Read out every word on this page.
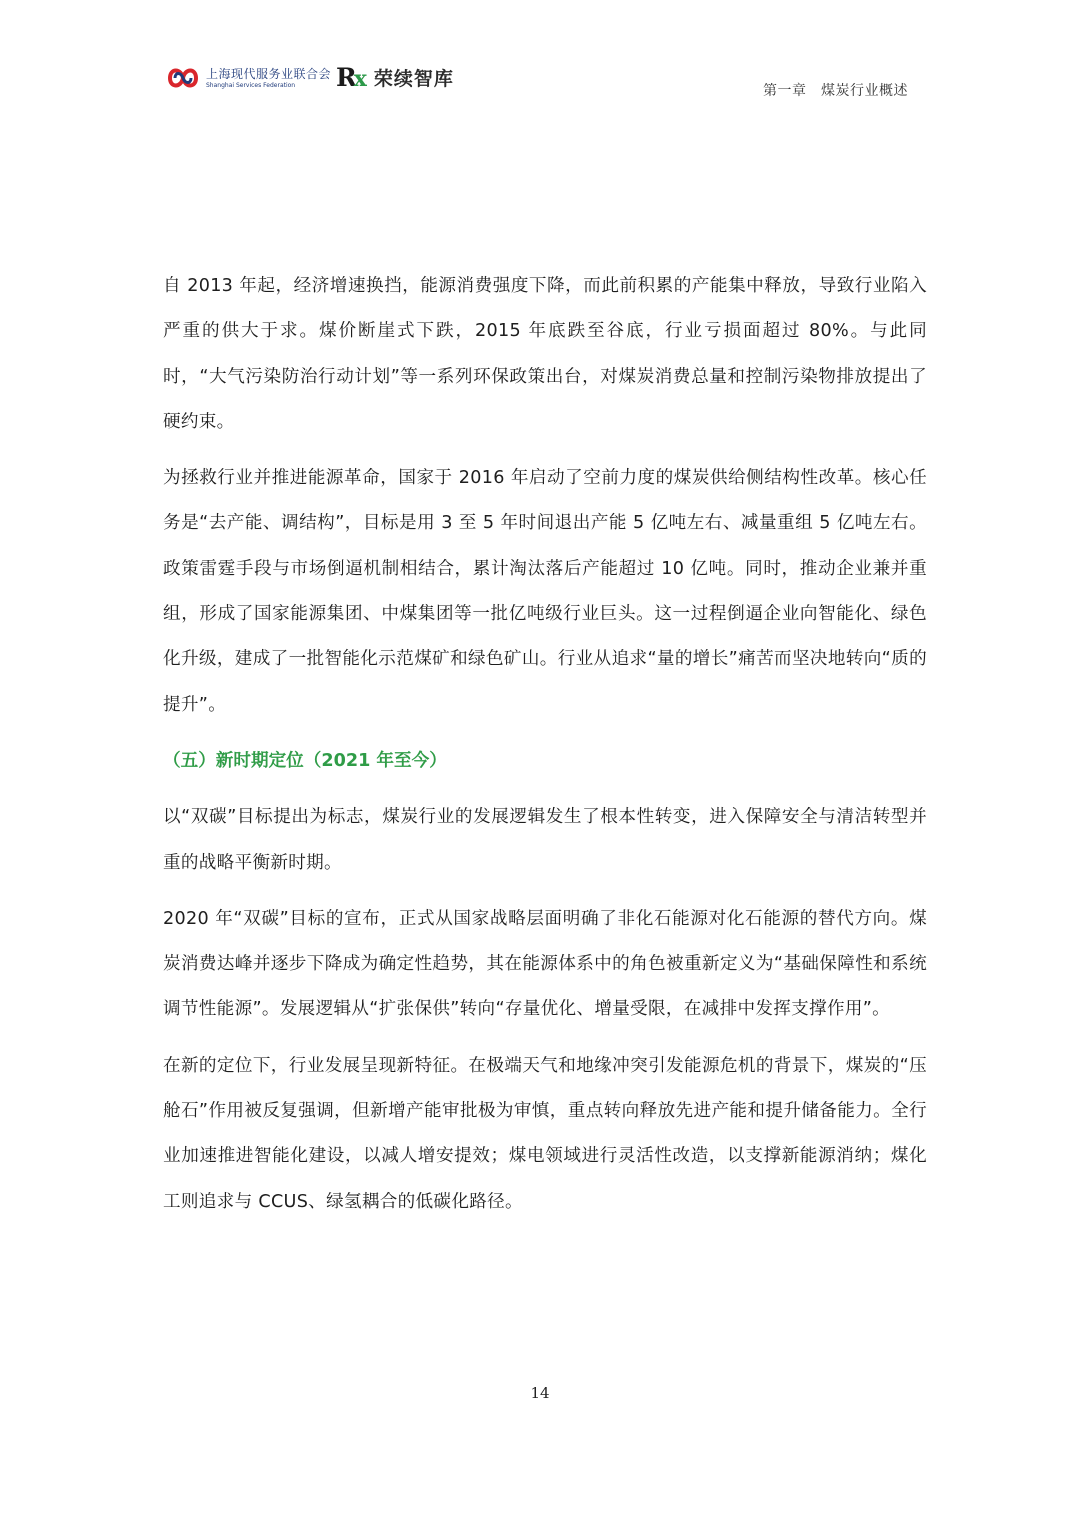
上海现代服务业联合会
Shanghai Services Federation	Rx 荣续智库
第一章　煤炭行业概述

自 2013 年起，经济增速换挡，能源消费强度下降，而此前积累的产能集中释放，导致行业陷入严重的供大于求。煤价断崖式下跌，2015 年底跌至谷底，行业亏损面超过 80%。与此同时，“大气污染防治行动计划”等一系列环保政策出台，对煤炭消费总量和控制污染物排放提出了硬约束。

为拯救行业并推进能源革命，国家于 2016 年启动了空前力度的煤炭供给侧结构性改革。核心任务是“去产能、调结构”，目标是用 3 至 5 年时间退出产能 5 亿吨左右、减量重组 5 亿吨左右。政策雷霆手段与市场倒逼机制相结合，累计淘汰落后产能超过 10 亿吨。同时，推动企业兼并重组，形成了国家能源集团、中煤集团等一批亿吨级行业巨头。这一过程倒逼企业向智能化、绿色化升级，建成了一批智能化示范煤矿和绿色矿山。行业从追求“量的增长”痛苦而坚决地转向“质的提升”。

（五）新时期定位（2021 年至今）

以“双碳”目标提出为标志，煤炭行业的发展逻辑发生了根本性转变，进入保障安全与清洁转型并重的战略平衡新时期。

2020 年“双碳”目标的宣布，正式从国家战略层面明确了非化石能源对化石能源的替代方向。煤炭消费达峰并逐步下降成为确定性趋势，其在能源体系中的角色被重新定义为“基础保障性和系统调节性能源”。发展逻辑从“扩张保供”转向“存量优化、增量受限，在减排中发挥支撑作用”。

在新的定位下，行业发展呈现新特征。在极端天气和地缘冲突引发能源危机的背景下，煤炭的“压舱石”作用被反复强调，但新增产能审批极为审慎，重点转向释放先进产能和提升储备能力。全行业加速推进智能化建设，以减人增安提效；煤电领域进行灵活性改造，以支撑新能源消纳；煤化工则追求与 CCUS、绿氢耦合的低碳化路径。

14
